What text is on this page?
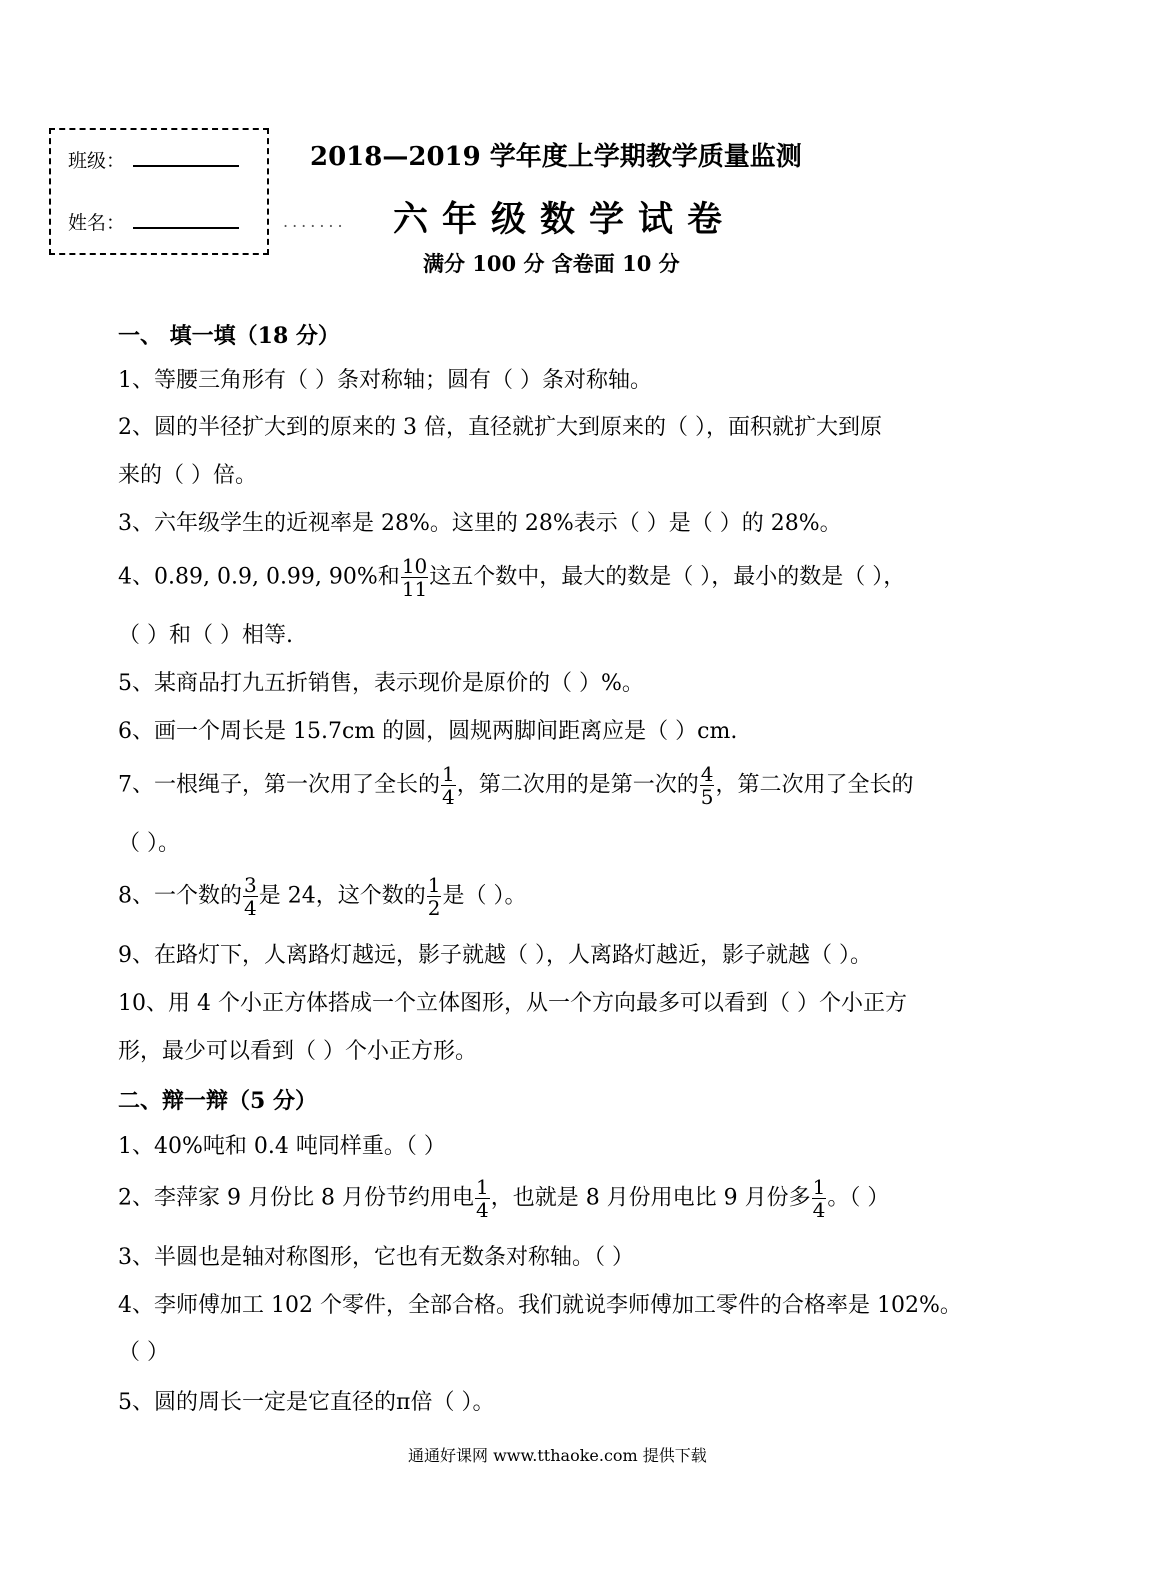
班级：
姓名：
2018—2019 学年度上学期教学质量监测
....... 六年级数学试卷
满分 100 分 含卷面 10 分
一、 填一填（18 分）
1、等腰三角形有（ ）条对称轴；圆有（ ）条对称轴。
2、圆的半径扩大到的原来的 3 倍，直径就扩大到原来的（ ），面积就扩大到原
来的（ ）倍。
3、六年级学生的近视率是 28%。这里的 28%表示（ ）是（ ）的 28%。
4、0.89, 0.9, 0.99, 90%和 $\frac{10}{11}$ 这五个数中，最大的数是（ ），最小的数是（ ），
（ ）和（ ）相等.
5、某商品打九五折销售，表示现价是原价的（ ）%。
6、画一个周长是 15.7cm 的圆，圆规两脚间距离应是（ ）cm.
7、一根绳子，第一次用了全长的 $\frac{1}{4}$ ，第二次用的是第一次的 $\frac{4}{5}$ ，第二次用了全长的
（ ）。
8、一个数的 $\frac{3}{4}$ 是 24，这个数的 $\frac{1}{2}$ 是（ ）。
9、在路灯下，人离路灯越远，影子就越（ ），人离路灯越近，影子就越（ ）。
10、用 4 个小正方体搭成一个立体图形，从一个方向最多可以看到（ ）个小正方
形，最少可以看到（ ）个小正方形。
二、辩一辩（5 分）
1、40%吨和 0.4 吨同样重。（ ）
2、李萍家 9 月份比 8 月份节约用电 $\frac{1}{4}$ ，也就是 8 月份用电比 9 月份多 $\frac{1}{4}$ 。（ ）
3、半圆也是轴对称图形，它也有无数条对称轴。（ ）
4、李师傅加工 102 个零件，全部合格。我们就说李师傅加工零件的合格率是 102%。
（ ）
5、圆的周长一定是它直径的π倍（ ）。
通通好课网 www.tthaoke.com 提供下载
